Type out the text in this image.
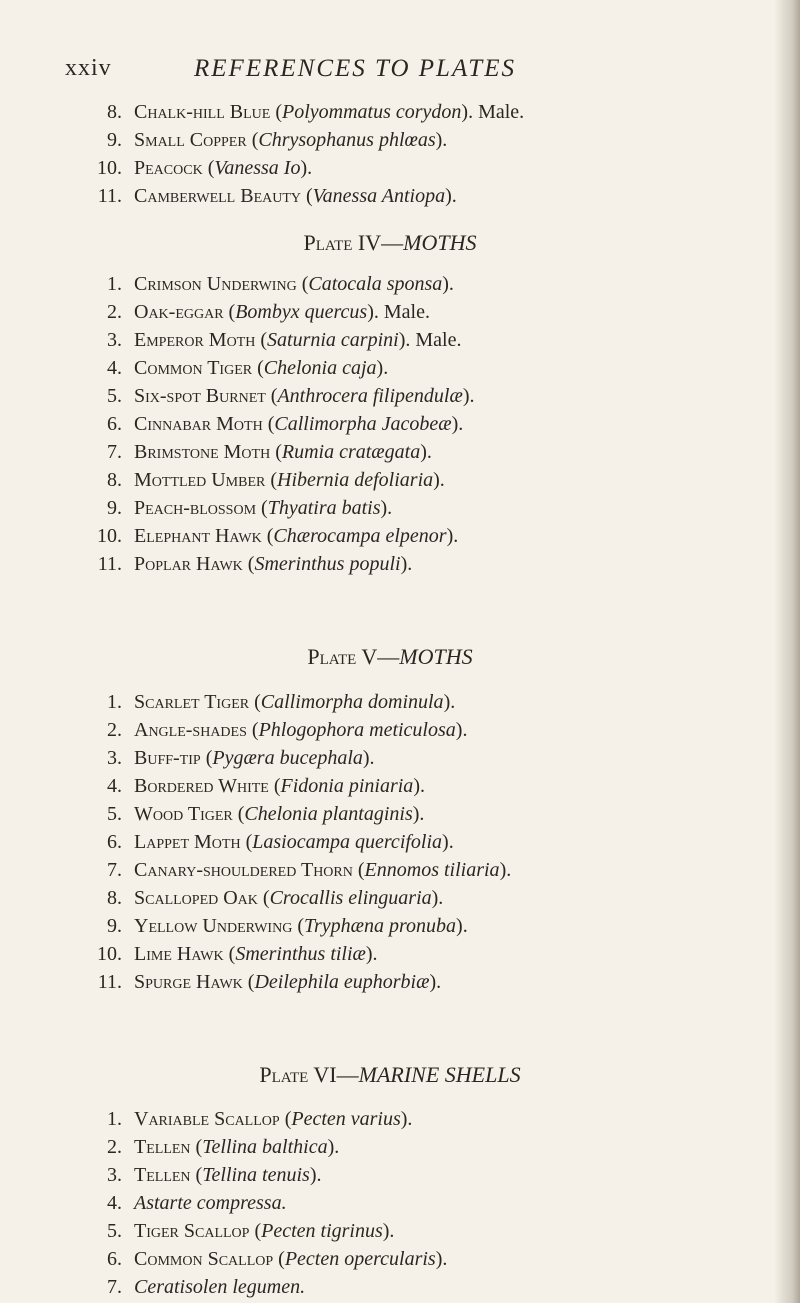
xxiv	REFERENCES TO PLATES
8. Chalk-hill Blue (Polyommatus corydon). Male.
9. Small Copper (Chrysophanus phlœas).
10. Peacock (Vanessa Io).
11. Camberwell Beauty (Vanessa Antiopa).
Plate IV—MOTHS
1. Crimson Underwing (Catocala sponsa).
2. Oak-eggar (Bombyx quercus). Male.
3. Emperor Moth (Saturnia carpini). Male.
4. Common Tiger (Chelonia caja).
5. Six-spot Burnet (Anthrocera filipendulæ).
6. Cinnabar Moth (Callimorpha Jacobeæ).
7. Brimstone Moth (Rumia cratægata).
8. Mottled Umber (Hibernia defoliaria).
9. Peach-blossom (Thyatira batis).
10. Elephant Hawk (Chærocampa elpenor).
11. Poplar Hawk (Smerinthus populi).
Plate V—MOTHS
1. Scarlet Tiger (Callimorpha dominula).
2. Angle-shades (Phlogophora meticulosa).
3. Buff-tip (Pygæra bucephala).
4. Bordered White (Fidonia piniaria).
5. Wood Tiger (Chelonia plantaginis).
6. Lappet Moth (Lasiocampa quercifolia).
7. Canary-shouldered Thorn (Ennomos tiliaria).
8. Scalloped Oak (Crocallis elinguaria).
9. Yellow Underwing (Tryphæna pronuba).
10. Lime Hawk (Smerinthus tiliæ).
11. Spurge Hawk (Deilephila euphorbiæ).
Plate VI—MARINE SHELLS
1. Variable Scallop (Pecten varius).
2. Tellen (Tellina balthica).
3. Tellen (Tellina tenuis).
4. Astarte compressa.
5. Tiger Scallop (Pecten tigrinus).
6. Common Scallop (Pecten opercularis).
7. Ceratisolen legumen.
